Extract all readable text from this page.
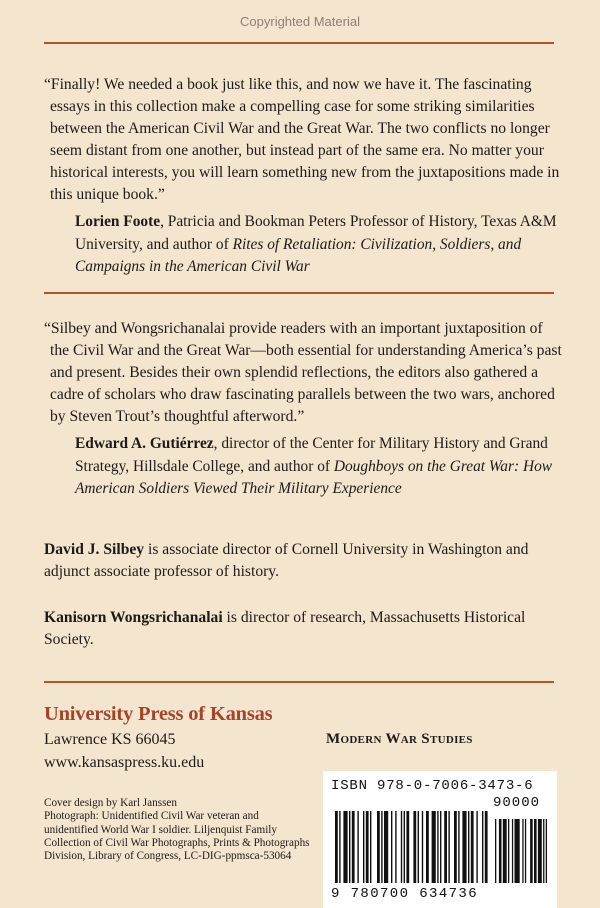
Copyrighted Material

“Finally! We needed a book just like this, and now we have it. The fascinating essays in this collection make a compelling case for some striking similarities between the American Civil War and the Great War. The two conflicts no longer seem distant from one another, but instead part of the same era. No matter your historical interests, you will learn something new from the juxtapositions made in this unique book.”

Lorien Foote, Patricia and Bookman Peters Professor of History, Texas A&M University, and author of Rites of Retaliation: Civilization, Soldiers, and Campaigns in the American Civil War

“Silbey and Wongsrichanalai provide readers with an important juxtaposition of the Civil War and the Great War—both essential for understanding America’s past and present. Besides their own splendid reflections, the editors also gathered a cadre of scholars who draw fascinating parallels between the two wars, anchored by Steven Trout’s thoughtful afterword.”

Edward A. Gutiérrez, director of the Center for Military History and Grand Strategy, Hillsdale College, and author of Doughboys on the Great War: How American Soldiers Viewed Their Military Experience

David J. Silbey is associate director of Cornell University in Washington and adjunct associate professor of history.

Kanisorn Wongsrichanalai is director of research, Massachusetts Historical Society.

University Press of Kansas
Lawrence KS 66045
www.kansaspress.ku.edu
Modern War Studies

Cover design by Karl Janssen
Photograph: Unidentified Civil War veteran and unidentified World War I soldier. Liljenquist Family Collection of Civil War Photographs, Prints & Photographs Division, Library of Congress, LC-DIG-ppmsca-53064

ISBN 978-0-7006-3473-6
90000
9 780700 634736
